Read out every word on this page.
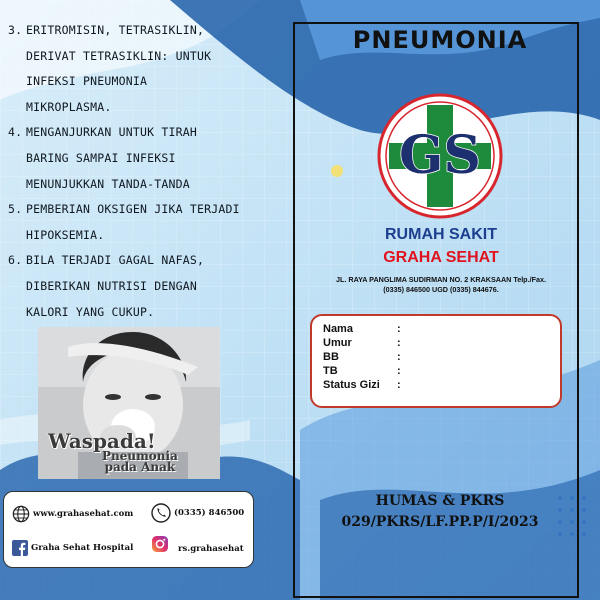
3. ERITROMISIN, TETRASIKLIN,
DERIVAT TETRASIKLIN: UNTUK
INFEKSI PNEUMONIA
MIKROPLASMA.
4. MENGANJURKAN UNTUK TIRAH
BARING SAMPAI INFEKSI
MENUNJUKKAN TANDA-TANDA
5. PEMBERIAN OKSIGEN JIKA TERJADI
HIPOKSEMIA.
6. BILA TERJADI GAGAL NAFAS,
DIBERIKAN NUTRISI DENGAN
KALORI YANG CUKUP.
Waspada!
Pneumonia
pada Anak
www.grahasehat.com	(0335) 846500
Graha Sehat Hospital	rs.grahasehat
PNEUMONIA
GS
RUMAH SAKIT
GRAHA SEHAT
JL. RAYA PANGLIMA SUDIRMAN NO. 2 KRAKSAAN Telp./Fax.
(0335) 846500 UGD (0335) 844676.
Nama	:
Umur	:
BB	:
TB	:
Status Gizi :
HUMAS & PKRS
029/PKRS/LF.PP.P/I/2023
